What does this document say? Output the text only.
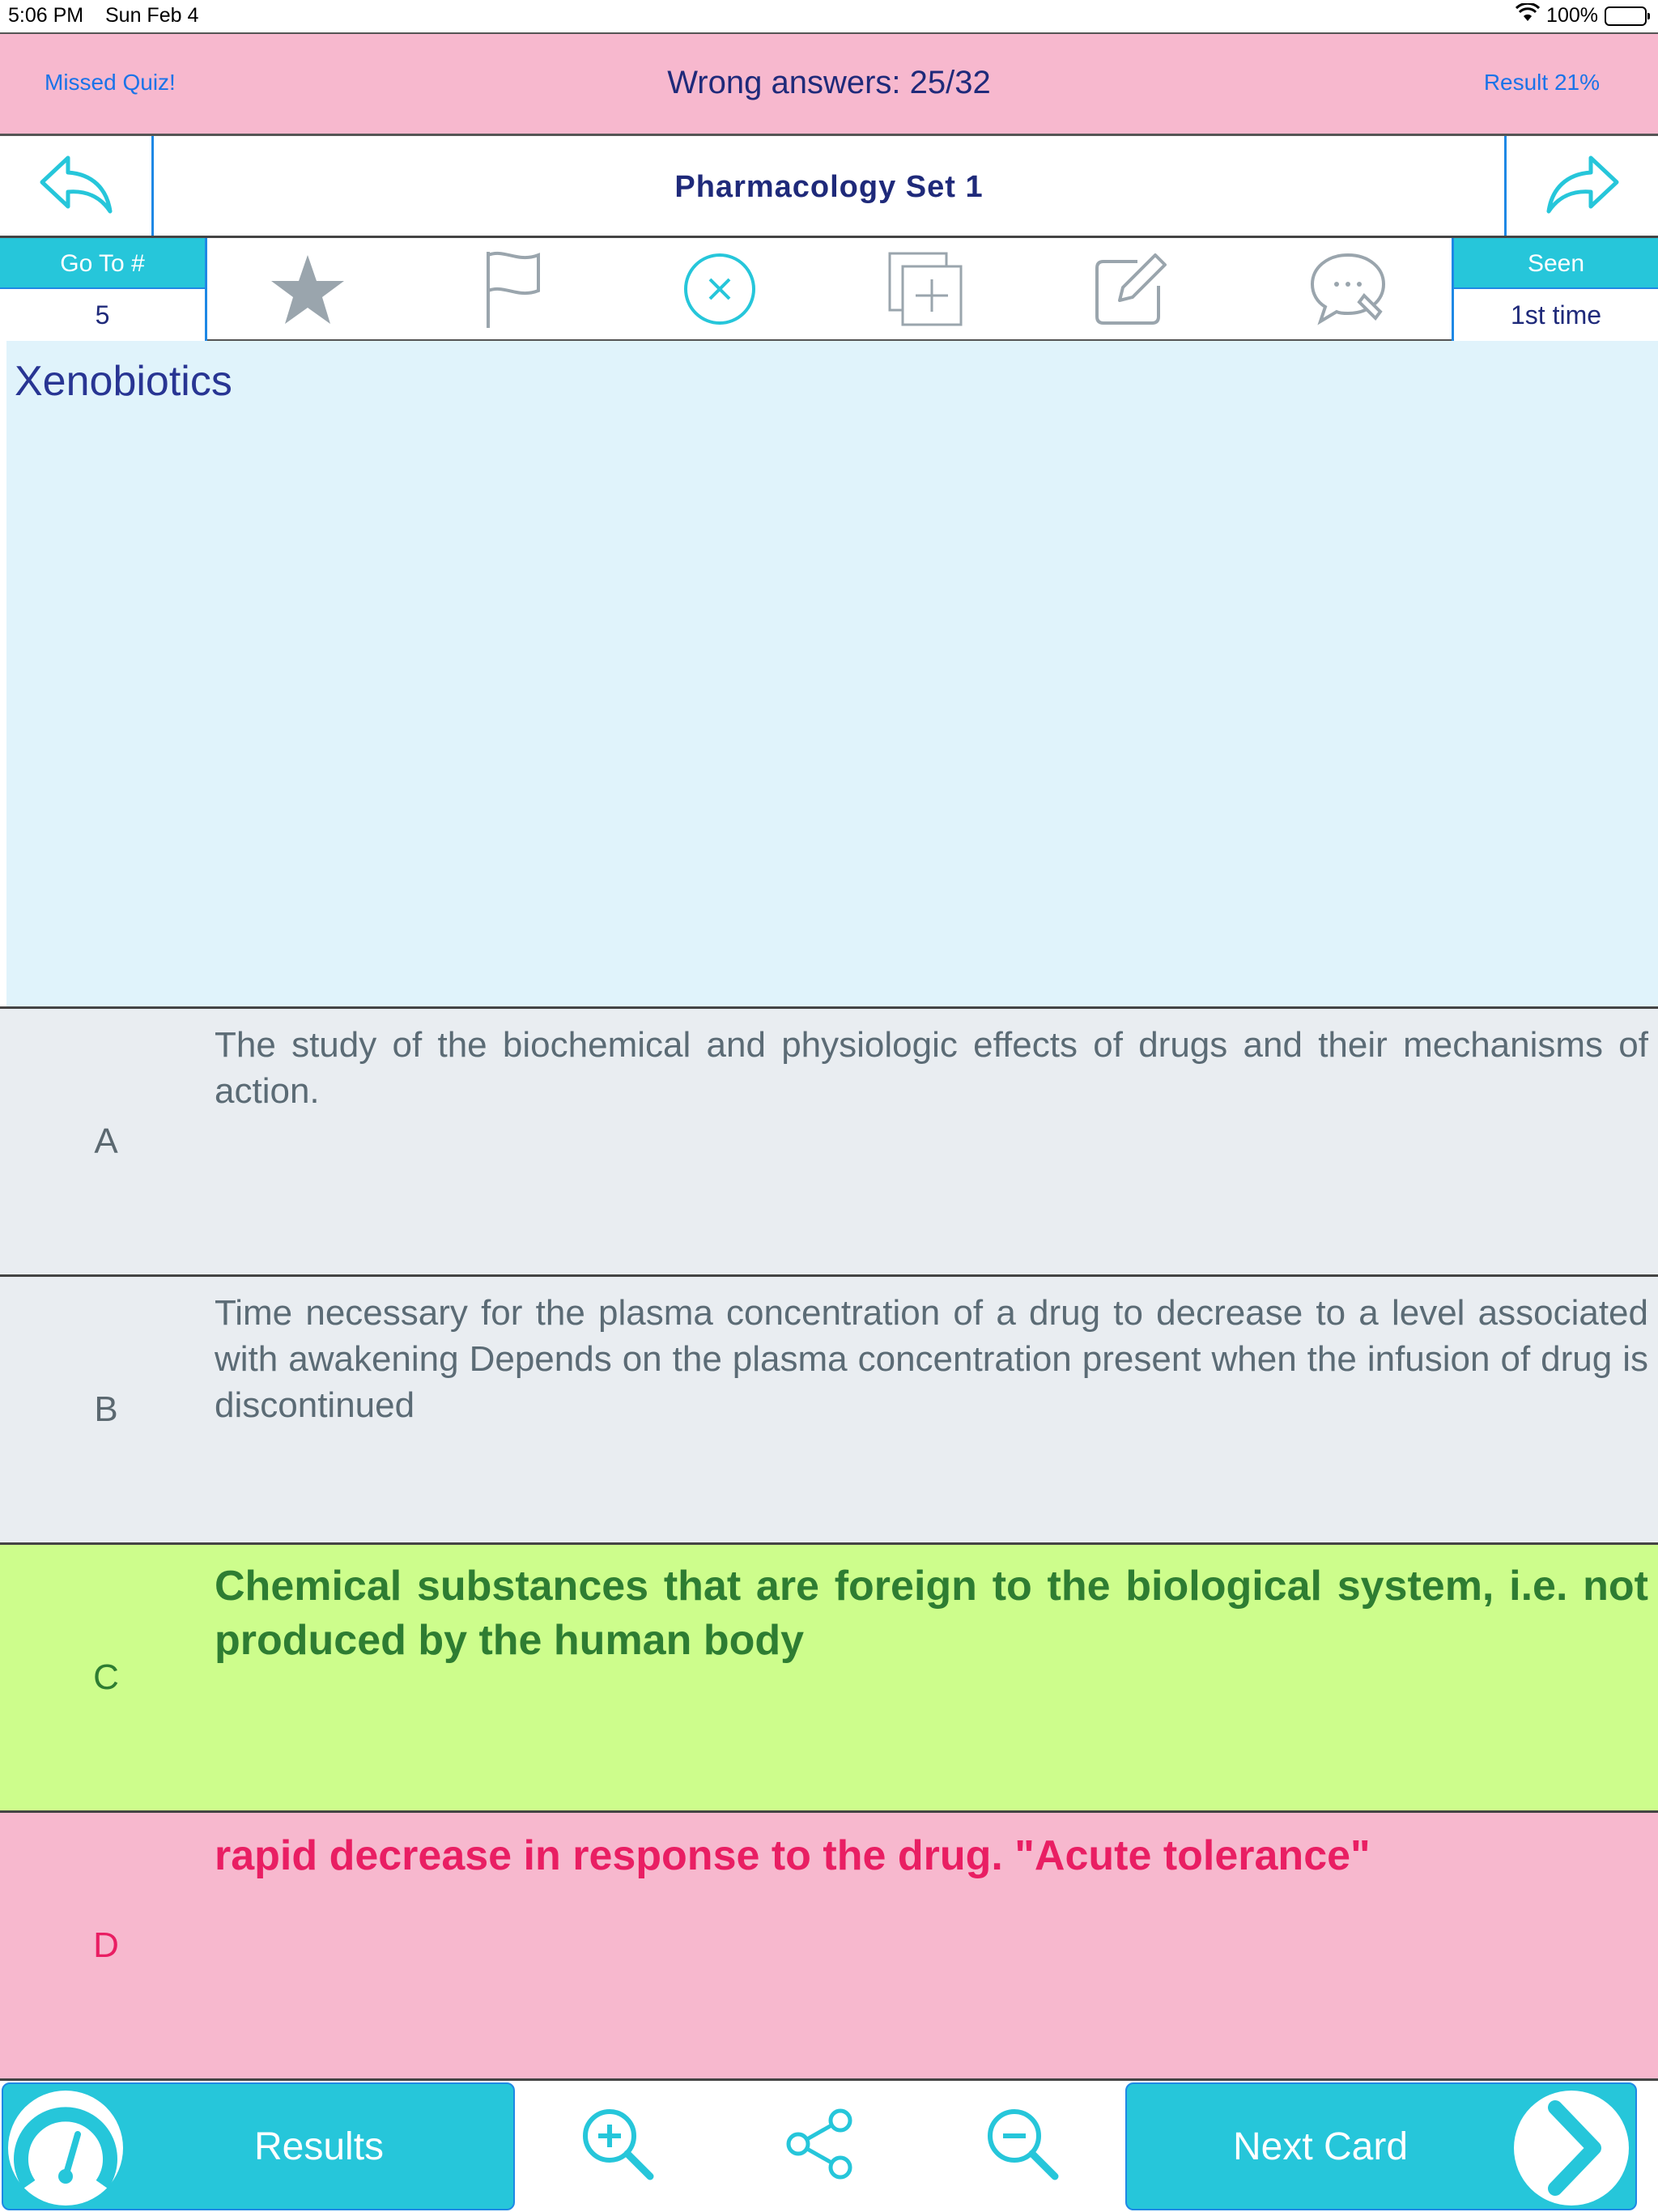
5:06 PM Sun Feb 4	100%
Missed Quiz!	Wrong answers: 25/32	Result 21%
Pharmacology Set 1
Go To #
5
Seen
1st time
Xenobiotics
A
The study of the biochemical and physiologic effects of drugs and their mechanisms of action.
B
Time necessary for the plasma concentration of a drug to decrease to a level associated with awakening Depends on the plasma concentration present when the infusion of drug is discontinued
C
Chemical substances that are foreign to the biological system, i.e. not produced by the human body
D
rapid decrease in response to the drug. "Acute tolerance"
Results	Next Card
